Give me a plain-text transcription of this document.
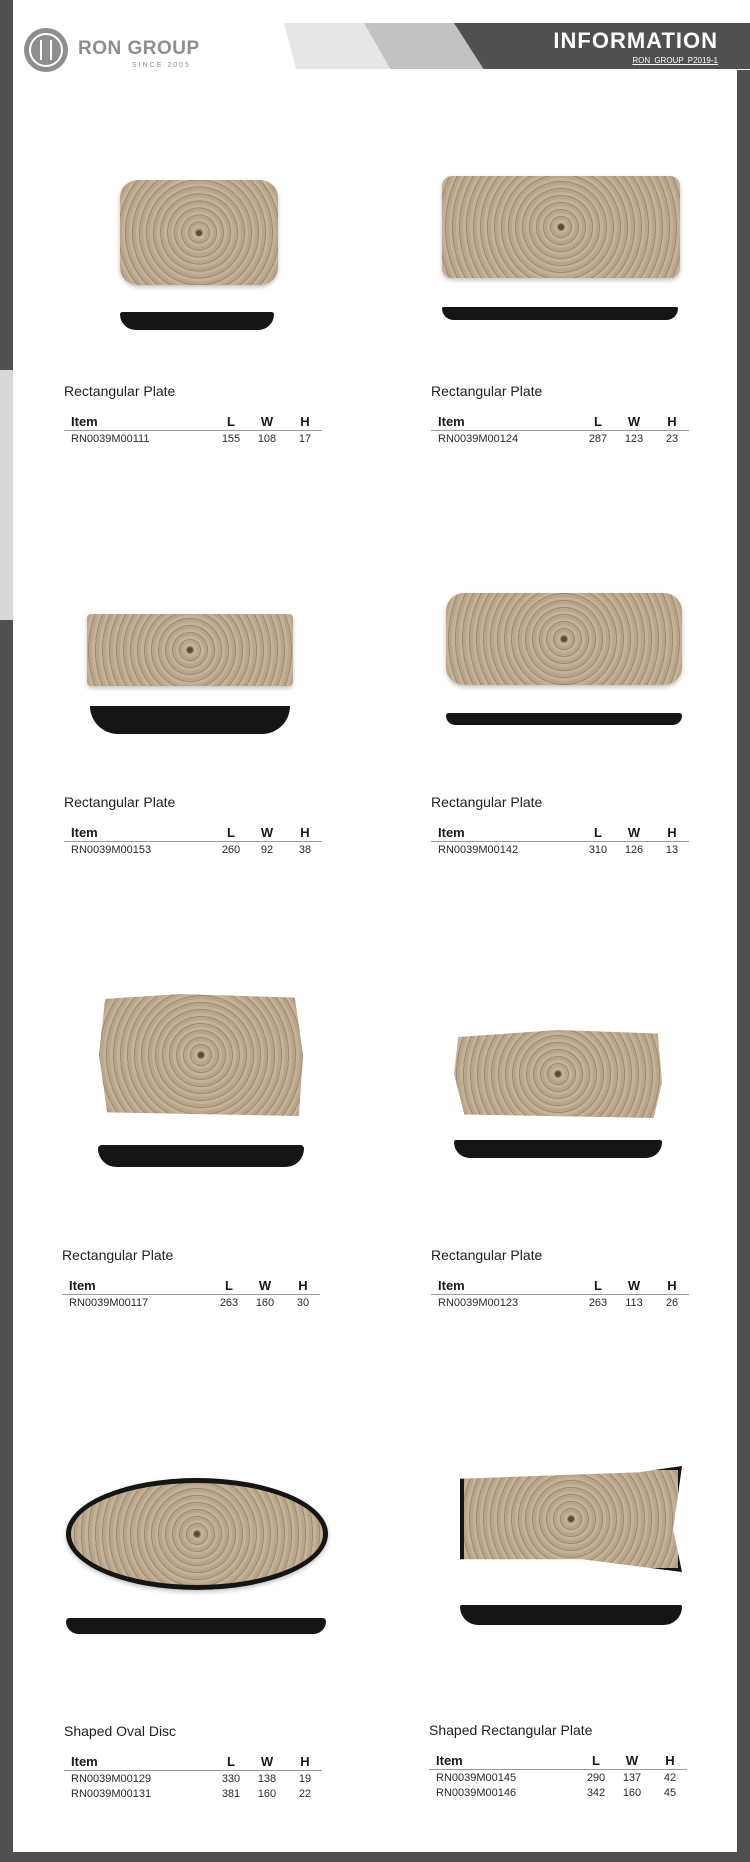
RON GROUP
SINCE 2005
INFORMATION
RON GROUP P2019-1
Rectangular Plate
Item	L	W	H
RN0039M00111	155	108	17
Rectangular Plate
Item	L	W	H
RN0039M00124	287	123	23
Rectangular Plate
Item	L	W	H
RN0039M00153	260	92	38
Rectangular Plate
Item	L	W	H
RN0039M00142	310	126	13
Rectangular Plate
Item	L	W	H
RN0039M00117	263	160	30
Rectangular Plate
Item	L	W	H
RN0039M00123	263	113	26
Shaped Oval Disc
Item	L	W	H
RN0039M00129	330	138	19
RN0039M00131	381	160	22
Shaped Rectangular Plate
Item	L	W	H
RN0039M00145	290	137	42
RN0039M00146	342	160	45
